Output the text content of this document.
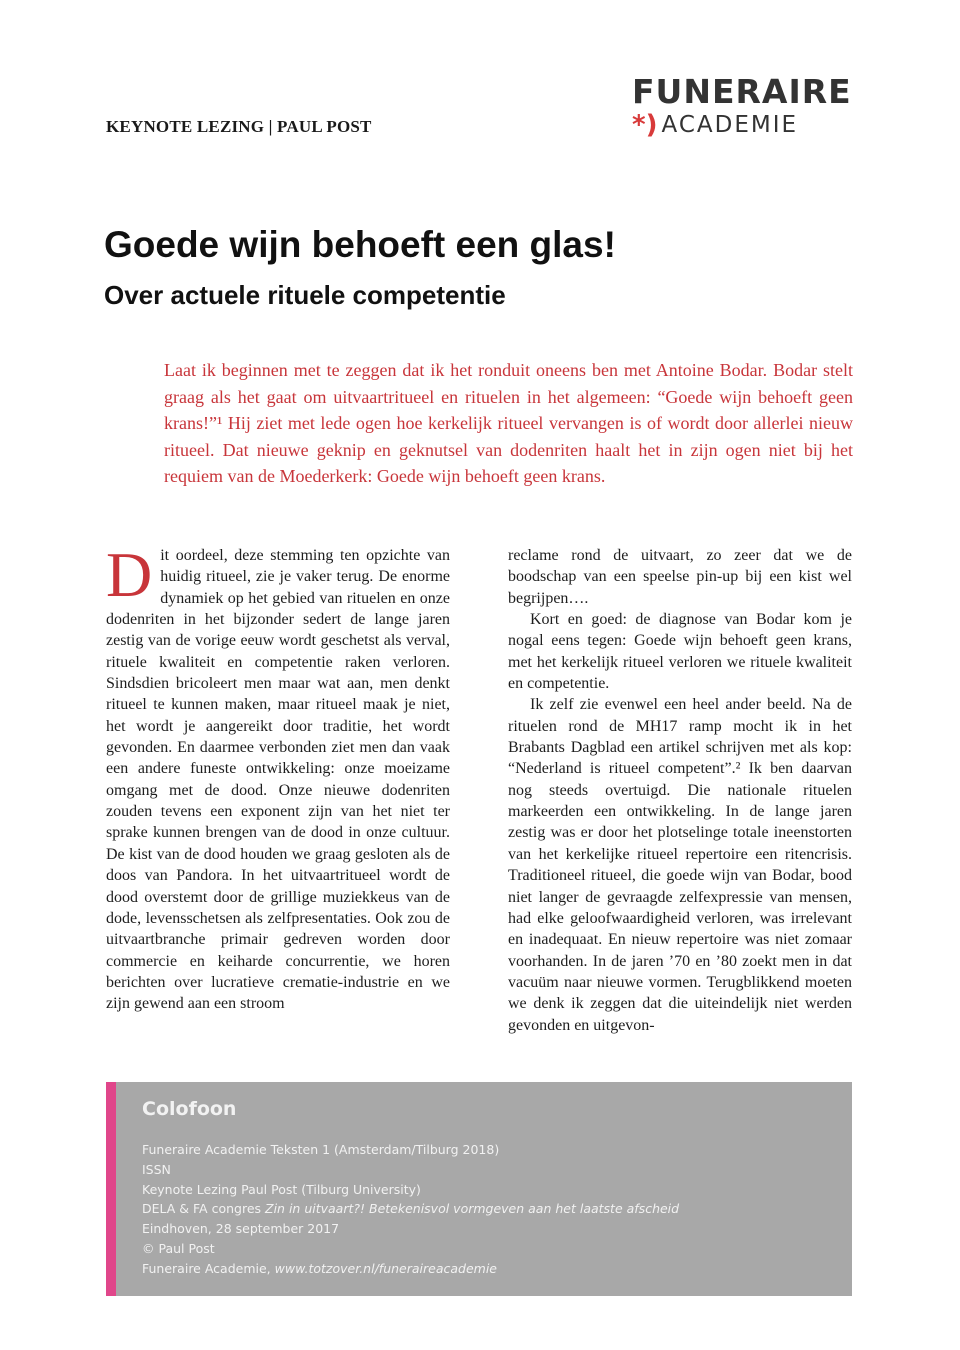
KEYNOTE LEZING | PAUL POST
FUNERAIRE
*) ACADEMIE
Goede wijn behoeft een glas!
Over actuele rituele competentie

Laat ik beginnen met te zeggen dat ik het ronduit oneens ben met Antoine Bodar. Bodar stelt graag als het gaat om uitvaartritueel en rituelen in het algemeen: “Goede wijn behoeft geen krans!”¹ Hij ziet met lede ogen hoe kerkelijk ritueel vervangen is of wordt door allerlei nieuw ritueel. Dat nieuwe geknip en geknutsel van dodenriten haalt het in zijn ogen niet bij het requiem van de Moederkerk: Goede wijn behoeft geen krans.

Dit oordeel, deze stemming ten opzichte van huidig ritueel, zie je vaker terug. De enorme dynamiek op het gebied van rituelen en onze dodenriten in het bijzonder sedert de lange jaren zestig van de vorige eeuw wordt geschetst als verval, rituele kwaliteit en competentie raken verloren. Sindsdien bricoleert men maar wat aan, men denkt ritueel te kunnen maken, maar ritueel maak je niet, het wordt je aangereikt door traditie, het wordt gevonden. En daarmee verbonden ziet men dan vaak een andere funeste ontwikkeling: onze moeizame omgang met de dood. Onze nieuwe dodenriten zouden tevens een exponent zijn van het niet ter sprake kunnen brengen van de dood in onze cultuur. De kist van de dood houden we graag gesloten als de doos van Pandora. In het uitvaartritueel wordt de dood overstemt door de grillige muziekkeus van de dode, levensschetsen als zelfpresentaties. Ook zou de uitvaartbranche primair gedreven worden door commercie en keiharde concurrentie, we horen berichten over lucratieve crematie-industrie en we zijn gewend aan een stroom

reclame rond de uitvaart, zo zeer dat we de boodschap van een speelse pin-up bij een kist wel begrijpen….

Kort en goed: de diagnose van Bodar kom je nogal eens tegen: Goede wijn behoeft geen krans, met het kerkelijk ritueel verloren we rituele kwaliteit en competentie.

Ik zelf zie evenwel een heel ander beeld. Na de rituelen rond de MH17 ramp mocht ik in het Brabants Dagblad een artikel schrijven met als kop: “Nederland is ritueel competent”.² Ik ben daarvan nog steeds overtuigd. Die nationale rituelen markeerden een ontwikkeling. In de lange jaren zestig was er door het plotselinge totale ineenstorten van het kerkelijke ritueel repertoire een ritencrisis. Traditioneel ritueel, die goede wijn van Bodar, bood niet langer de gevraagde zelfexpressie van mensen, had elke geloofwaardigheid verloren, was irrelevant en inadequaat. En nieuw repertoire was niet zomaar voorhanden. In de jaren ’70 en ’80 zoekt men in dat vacuüm naar nieuwe vormen. Terugblikkend moeten we denk ik zeggen dat die uiteindelijk niet werden gevonden en uitgevon-

Colofoon
Funeraire Academie Teksten 1 (Amsterdam/Tilburg 2018)
ISSN
Keynote Lezing Paul Post (Tilburg University)
DELA & FA congres Zin in uitvaart?! Betekenisvol vormgeven aan het laatste afscheid
Eindhoven, 28 september 2017
© Paul Post
Funeraire Academie, www.totzover.nl/funeraireacademie
